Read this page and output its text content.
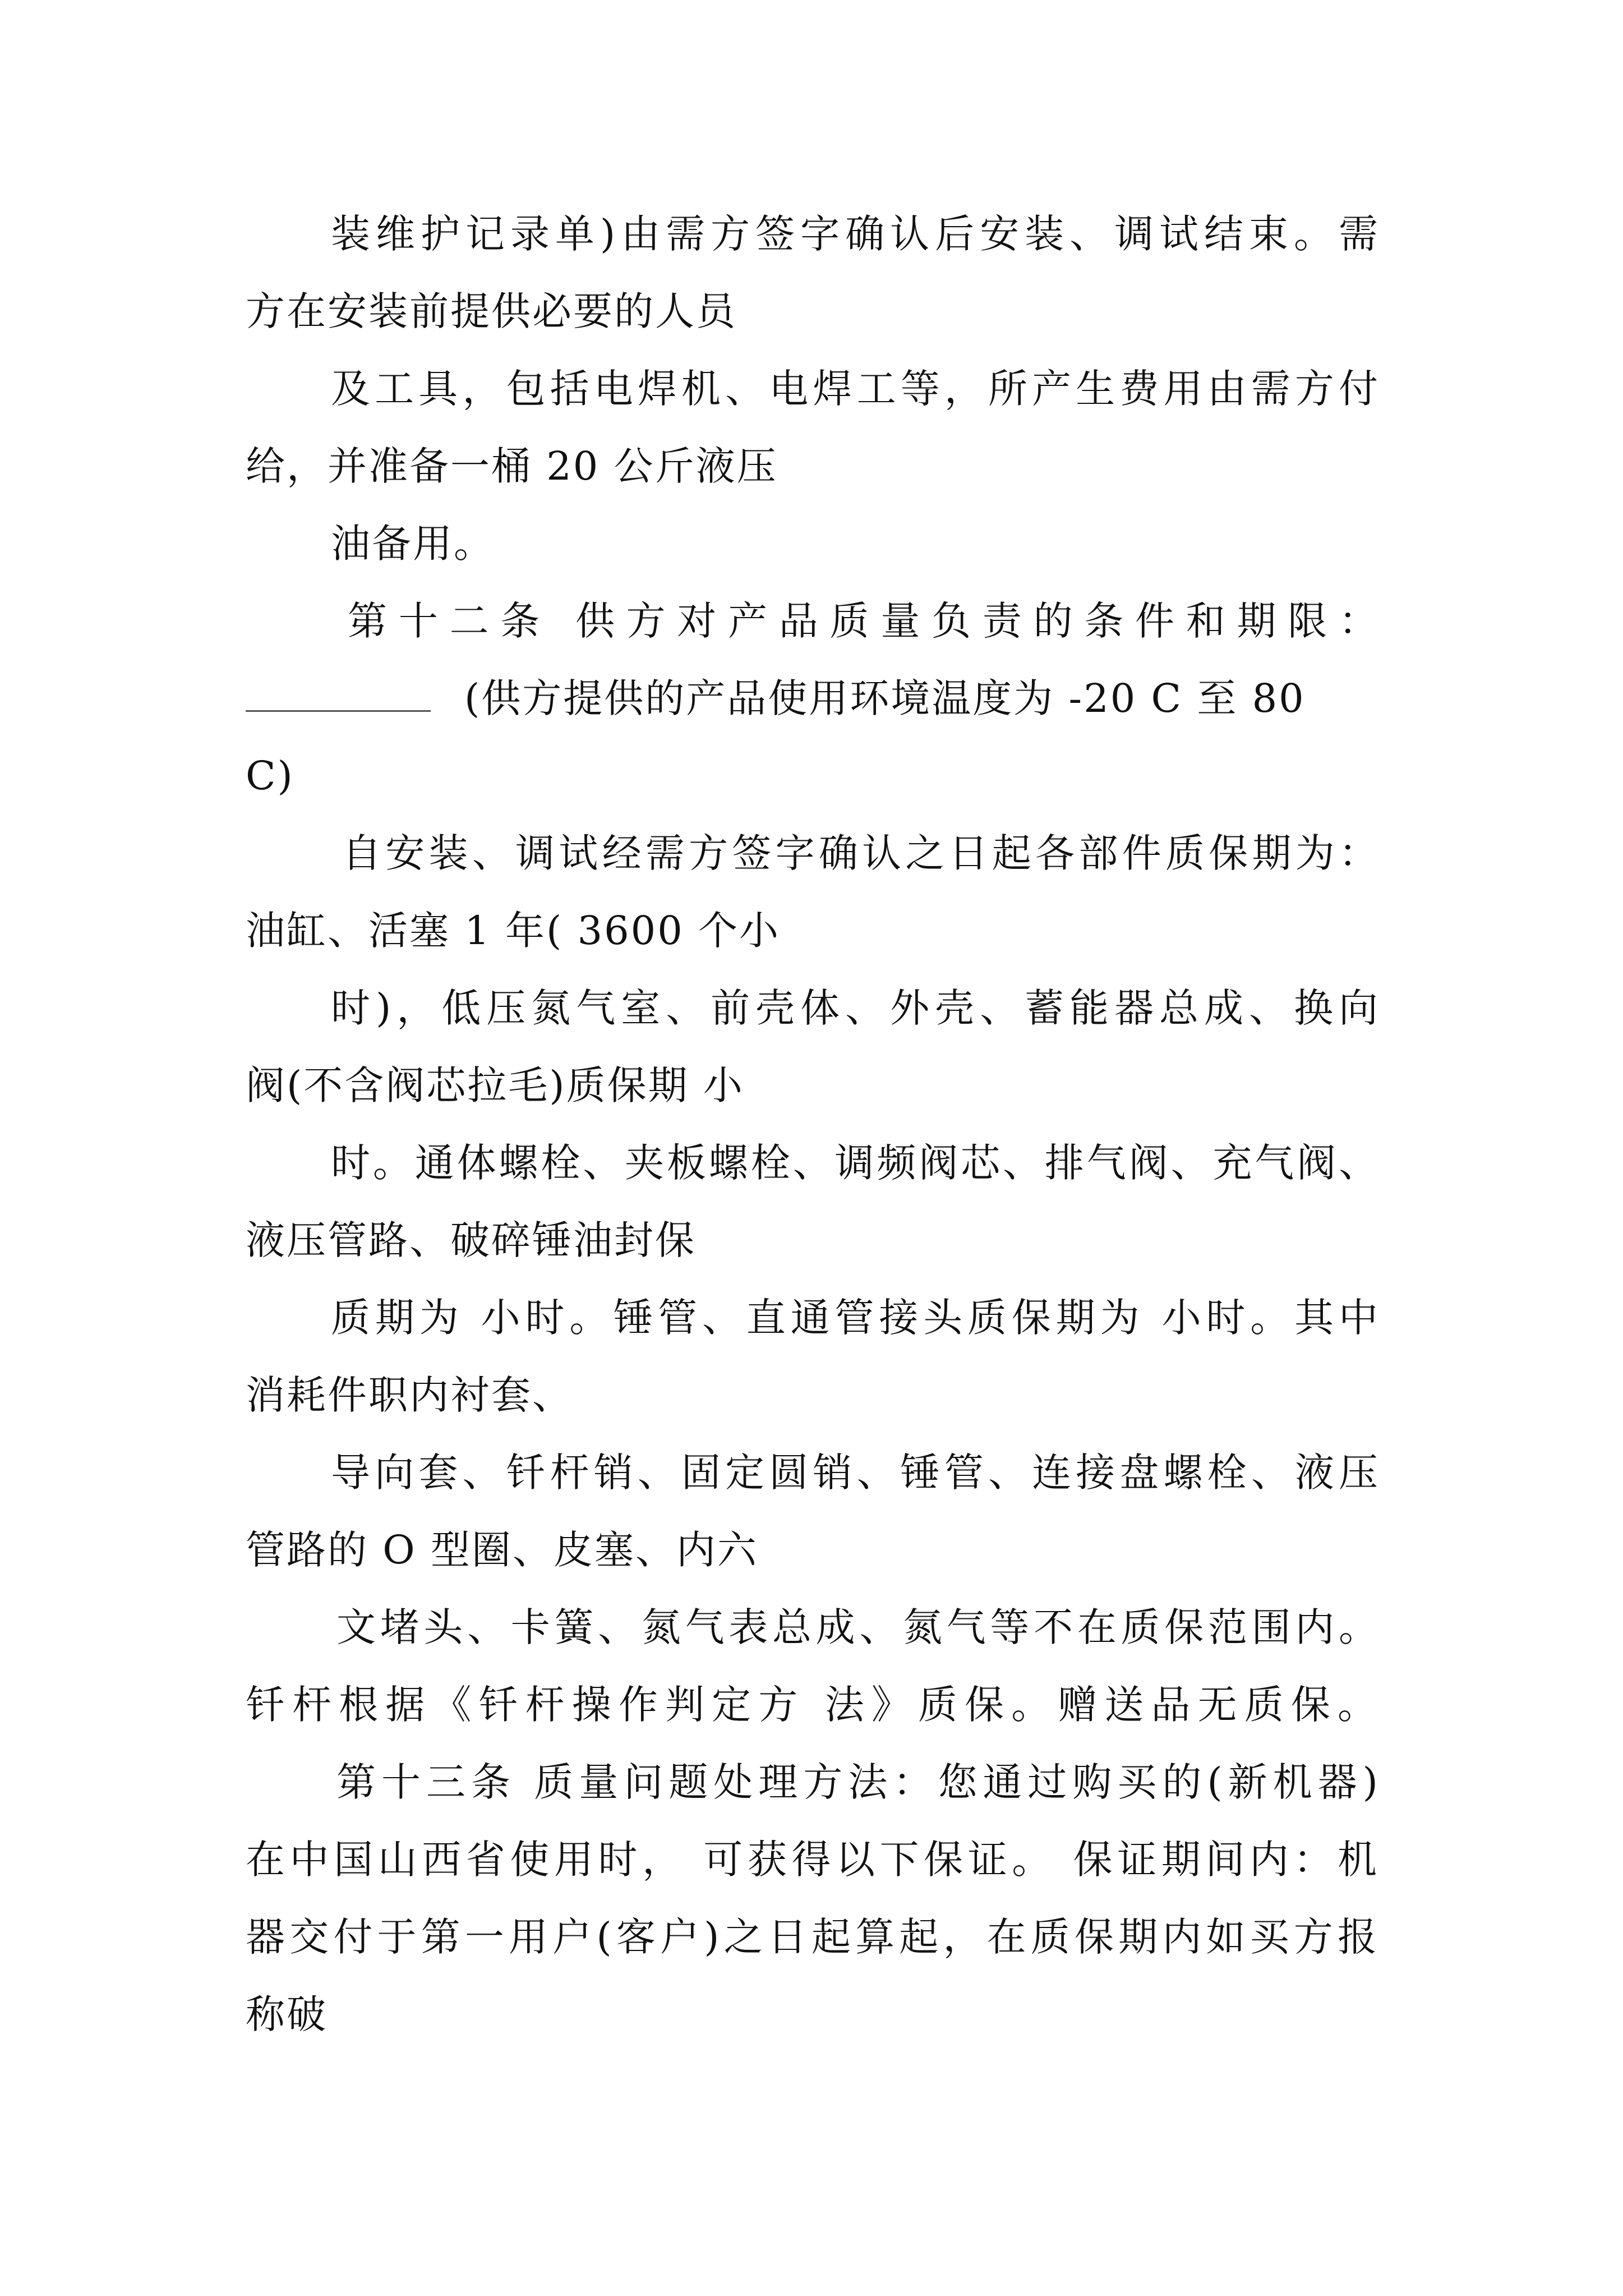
装维护记录单)由需方签字确认后安装、调试结束。需
方在安装前提供必要的人员
及工具，包括电焊机、电焊工等，所产生费用由需方付
给，并准备一桶 20 公斤液压
油备用。
第十二条 供方对产品质量负责的条件和期限：
(供方提供的产品使用环境温度为 -20 C 至 80
C)
自安装、调试经需方签字确认之日起各部件质保期为：
油缸、活塞 1 年( 3600 个小
时)，低压氮气室、前壳体、外壳、蓄能器总成、换向
阀(不含阀芯拉毛)质保期 小
时。通体螺栓、夹板螺栓、调频阀芯、排气阀、充气阀、
液压管路、破碎锤油封保
质期为 小时。锤管、直通管接头质保期为 小时。其中
消耗件职内衬套、
导向套、钎杆销、固定圆销、锤管、连接盘螺栓、液压
管路的 O 型圈、皮塞、内六
文堵头、卡簧、氮气表总成、氮气等不在质保范围内。
钎杆根据《钎杆操作判定方 法》质保。赠送品无质保。
第十三条 质量问题处理方法：您通过购买的(新机器)
在中国山西省使用时， 可获得以下保证。 保证期间内：机
器交付于第一用户(客户)之日起算起，在质保期内如买方报
称破
